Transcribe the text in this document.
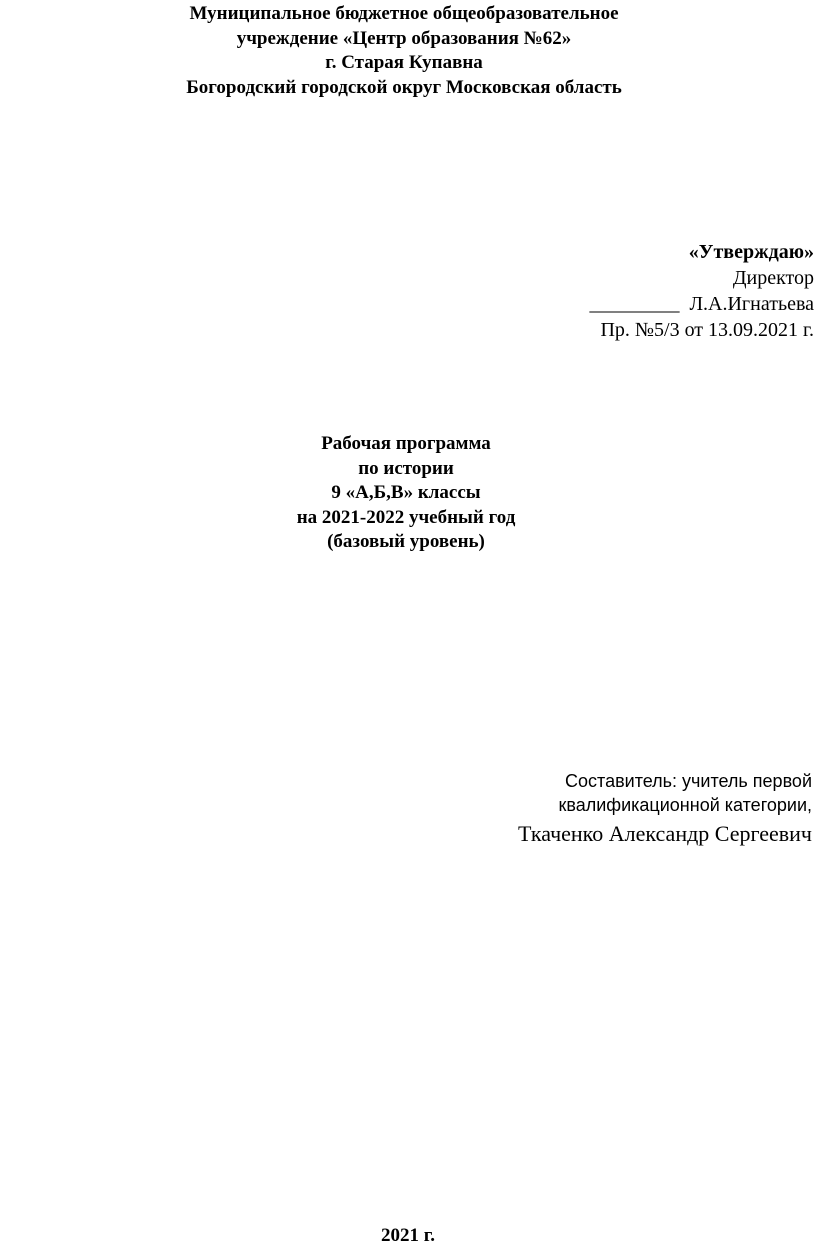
Муниципальное бюджетное общеобразовательное
учреждение «Центр образования №62»
г. Старая Купавна
Богородский городской округ Московская область
«Утверждаю»
Директор
_________  Л.А.Игнатьева
Пр. №5/3 от 13.09.2021 г.
Рабочая программа
по истории
9 «А,Б,В» классы
на 2021-2022 учебный год
(базовый уровень)
Составитель: учитель первой
квалификационной категории,
Ткаченко Александр Сергеевич
2021 г.
